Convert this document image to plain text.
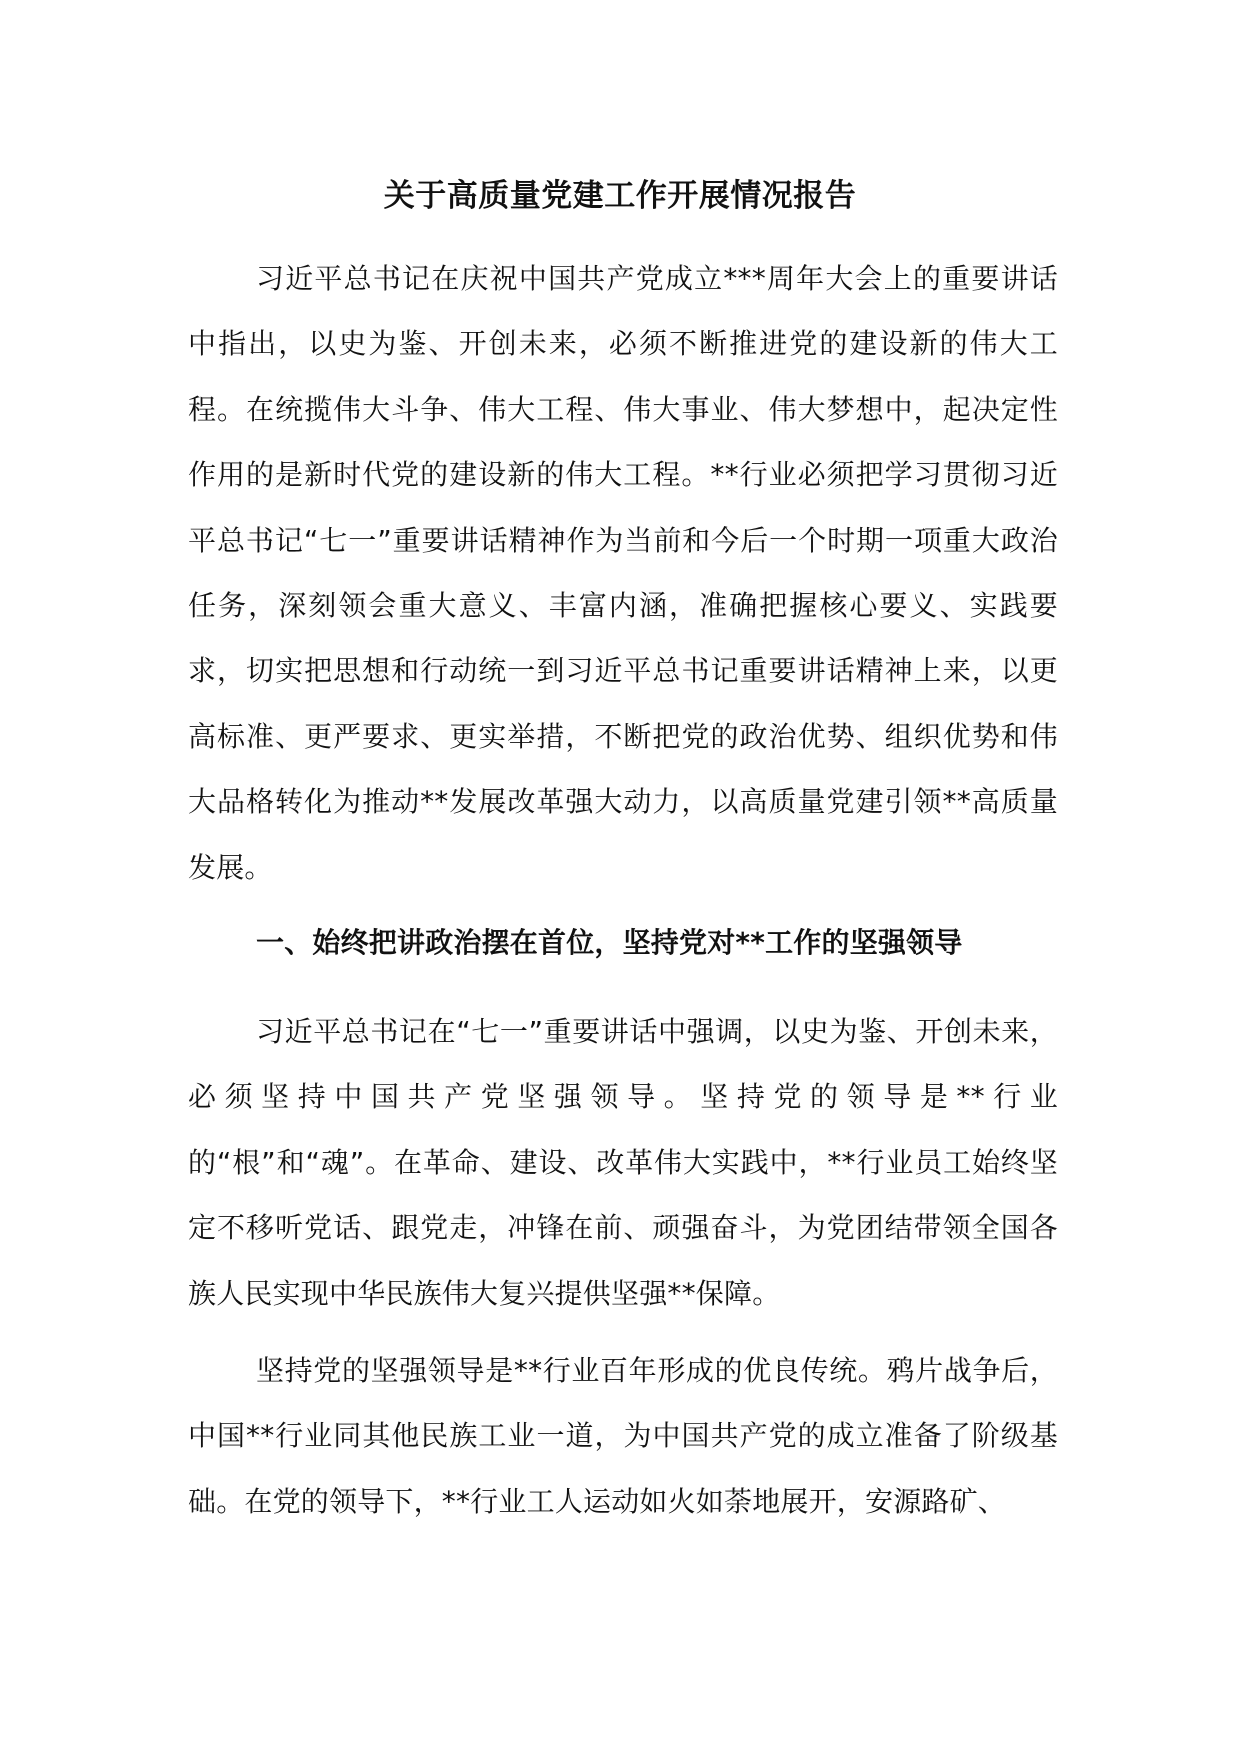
关于高质量党建工作开展情况报告

习近平总书记在庆祝中国共产党成立***周年大会上的重要讲话中指出，以史为鉴、开创未来，必须不断推进党的建设新的伟大工程。在统揽伟大斗争、伟大工程、伟大事业、伟大梦想中，起决定性作用的是新时代党的建设新的伟大工程。**行业必须把学习贯彻习近平总书记“七一”重要讲话精神作为当前和今后一个时期一项重大政治任务，深刻领会重大意义、丰富内涵，准确把握核心要义、实践要求，切实把思想和行动统一到习近平总书记重要讲话精神上来，以更高标准、更严要求、更实举措，不断把党的政治优势、组织优势和伟大品格转化为推动**发展改革强大动力，以高质量党建引领**高质量发展。

一、始终把讲政治摆在首位，坚持党对**工作的坚强领导

习近平总书记在“七一”重要讲话中强调，以史为鉴、开创未来，必须坚持中国共产党坚强领导。坚持党的领导是**行业的“根”和“魂”。在革命、建设、改革伟大实践中，**行业员工始终坚定不移听党话、跟党走，冲锋在前、顽强奋斗，为党团结带领全国各族人民实现中华民族伟大复兴提供坚强**保障。

坚持党的坚强领导是**行业百年形成的优良传统。鸦片战争后，中国**行业同其他民族工业一道，为中国共产党的成立准备了阶级基础。在党的领导下，**行业工人运动如火如荼地展开，安源路矿、
